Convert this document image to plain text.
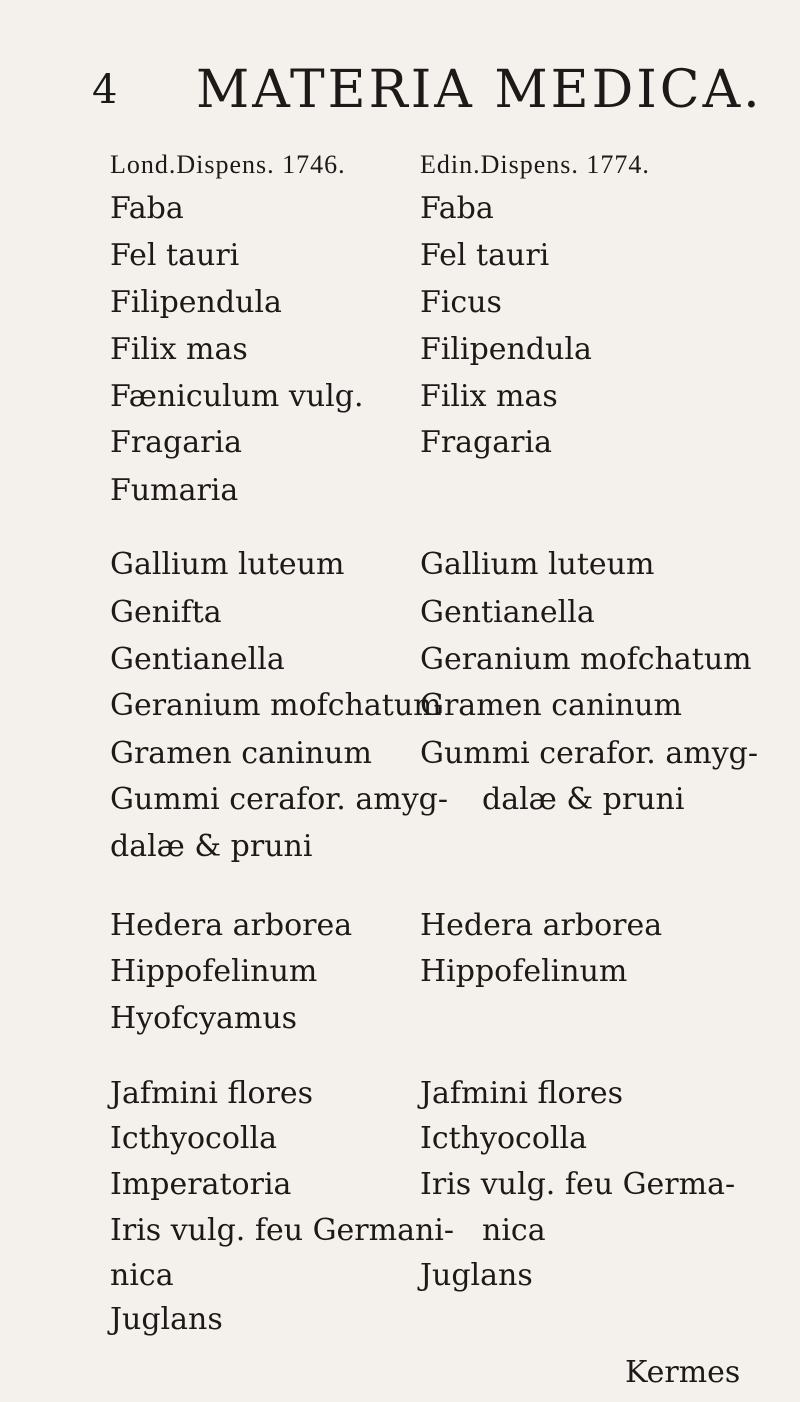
4 MATERIA MEDICA.
Lond.Dispens. 1746.
Faba
Fel tauri
Filipendula
Filix mas
Fæniculum vulg.
Fragaria
Fumaria
Gallium luteum
Genifta
Gentianella
Geranium mofchatum
Gramen caninum
Gummi cerafor. amyg-
dalæ & pruni
Hedera arborea
Hippofelinum
Hyofcyamus
Jafmini flores
Icthyocolla
Imperatoria
Iris vulg. feu Germani-
nica
Juglans
Edin.Dispens. 1774.
Faba
Fel tauri
Ficus
Filipendula
Filix mas
Fragaria
Gallium luteum
Gentianella
Geranium mofchatum
Gramen caninum
Gummi cerafor. amyg-
dalæ & pruni
Hedera arborea
Hippofelinum
Jafmini flores
Icthyocolla
Iris vulg. feu Germa-
nica
Juglans
Kermes
